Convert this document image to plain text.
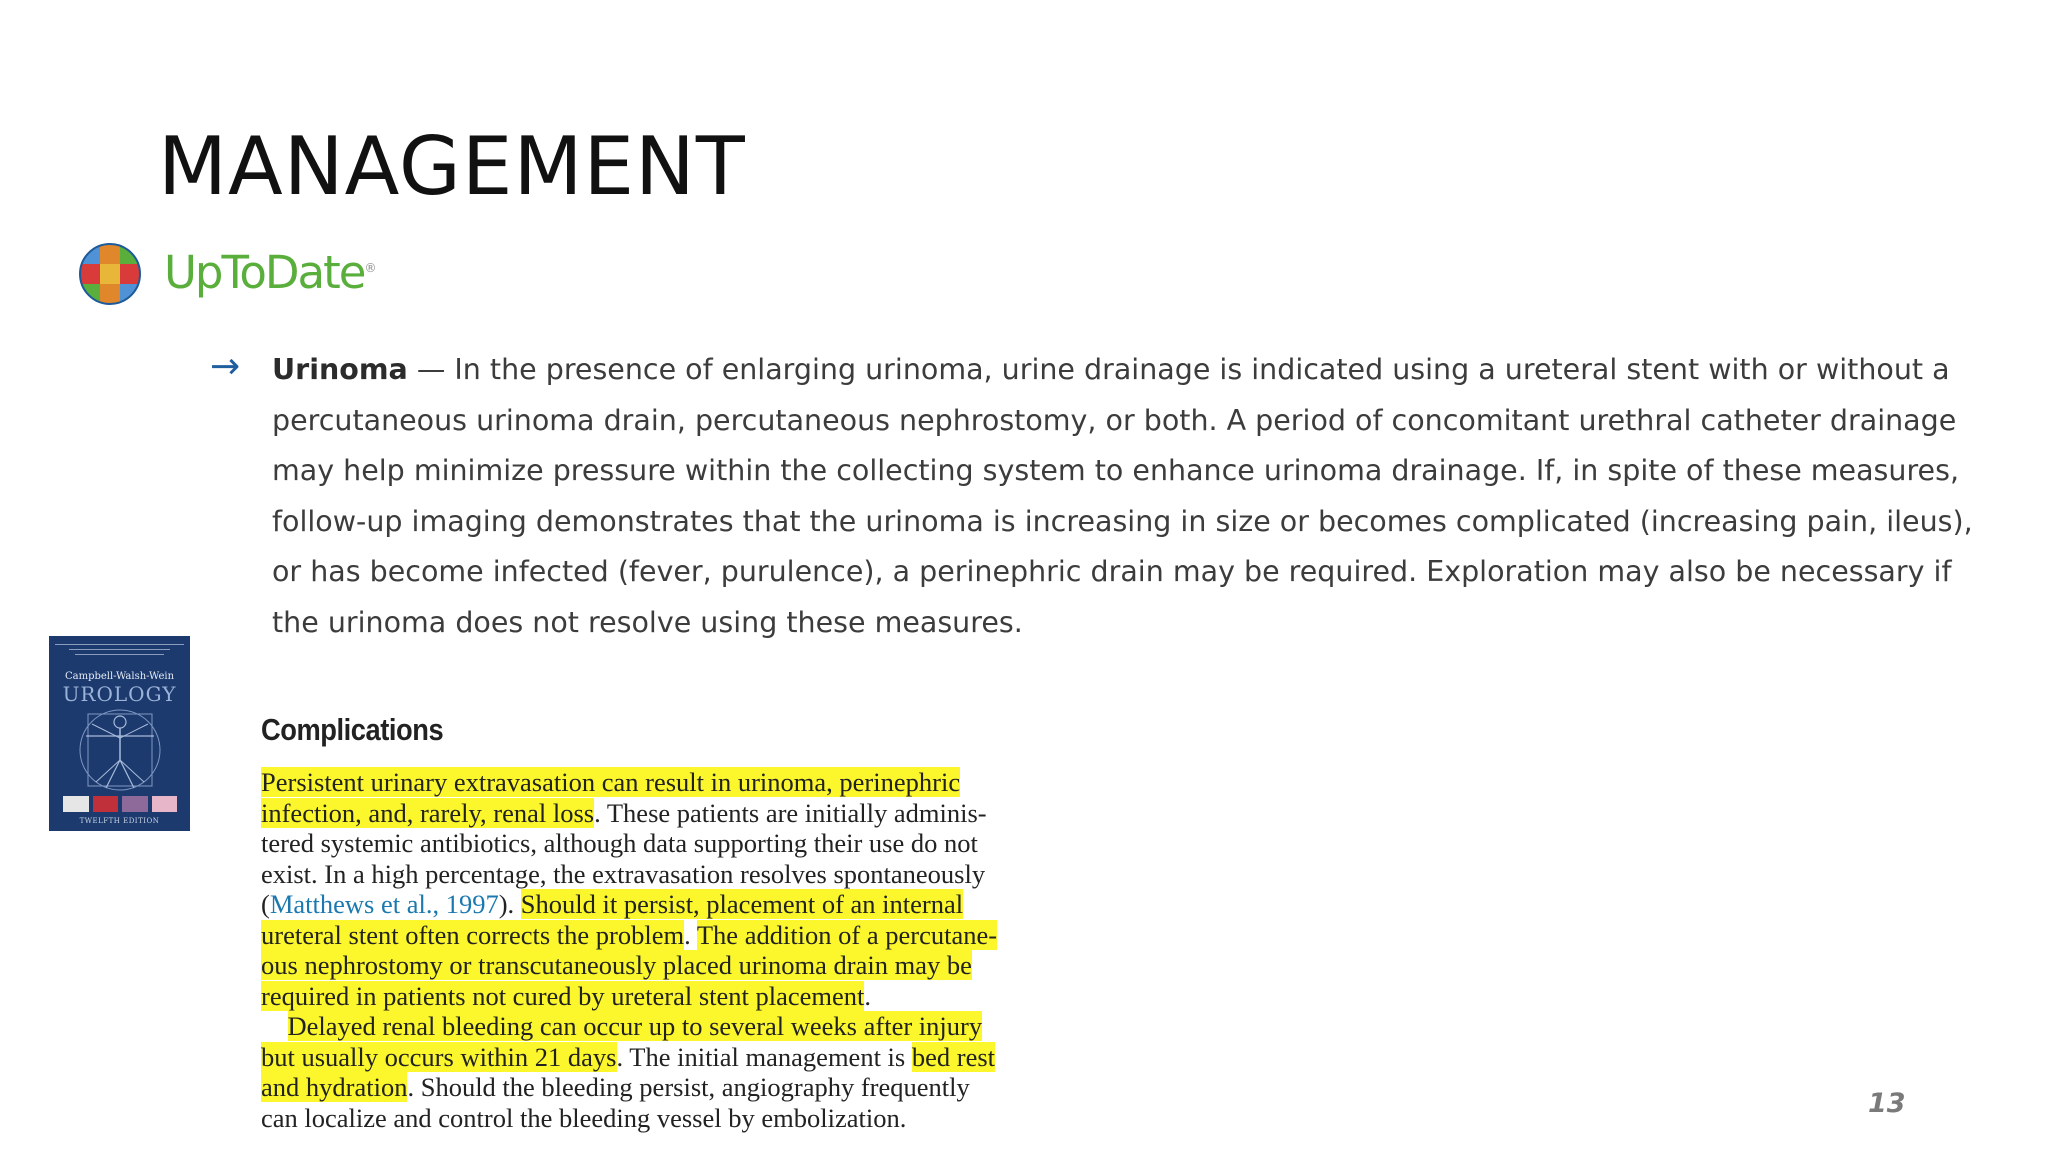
MANAGEMENT
UpToDate®
→ Urinoma — In the presence of enlarging urinoma, urine drainage is indicated using a ureteral stent with or without a
percutaneous urinoma drain, percutaneous nephrostomy, or both. A period of concomitant urethral catheter drainage
may help minimize pressure within the collecting system to enhance urinoma drainage. If, in spite of these measures,
follow-up imaging demonstrates that the urinoma is increasing in size or becomes complicated (increasing pain, ileus),
or has become infected (fever, purulence), a perinephric drain may be required. Exploration may also be necessary if
the urinoma does not resolve using these measures.
Campbell-Walsh-Wein
UROLOGY
TWELFTH EDITION
Complications
Persistent urinary extravasation can result in urinoma, perinephric
infection, and, rarely, renal loss. These patients are initially adminis-
tered systemic antibiotics, although data supporting their use do not
exist. In a high percentage, the extravasation resolves spontaneously
(Matthews et al., 1997). Should it persist, placement of an internal
ureteral stent often corrects the problem. The addition of a percutane-
ous nephrostomy or transcutaneously placed urinoma drain may be
required in patients not cured by ureteral stent placement.
 Delayed renal bleeding can occur up to several weeks after injury
but usually occurs within 21 days. The initial management is bed rest
and hydration. Should the bleeding persist, angiography frequently
can localize and control the bleeding vessel by embolization.	13
